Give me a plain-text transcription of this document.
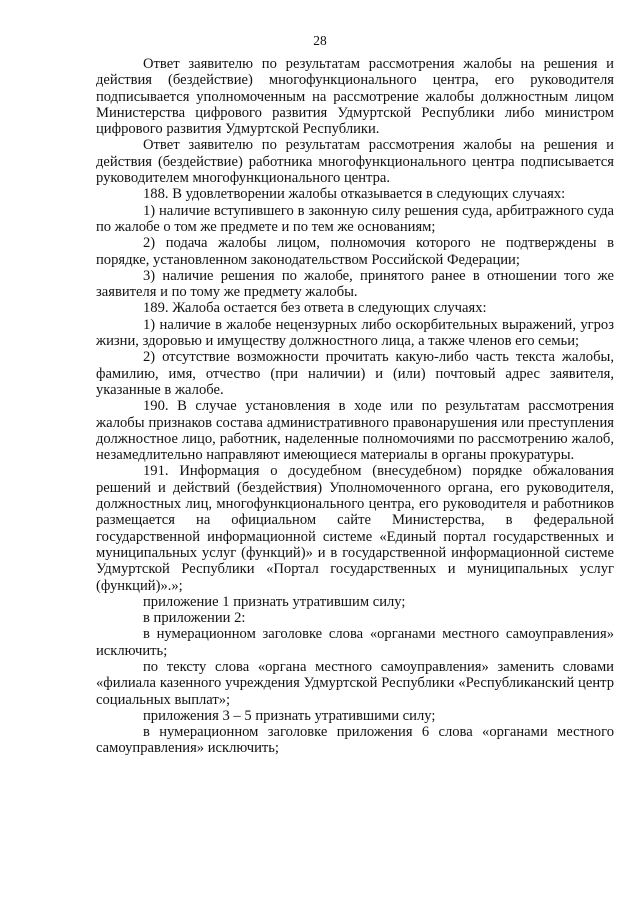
28

Ответ заявителю по результатам рассмотрения жалобы на решения и действия (бездействие) многофункционального центра, его руководителя подписывается уполномоченным на рассмотрение жалобы должностным лицом Министерства цифрового развития Удмуртской Республики либо министром цифрового развития Удмуртской Республики.

Ответ заявителю по результатам рассмотрения жалобы на решения и действия (бездействие) работника многофункционального центра подписывается руководителем многофункционального центра.

188. В удовлетворении жалобы отказывается в следующих случаях:

1) наличие вступившего в законную силу решения суда, арбитражного суда по жалобе о том же предмете и по тем же основаниям;

2) подача жалобы лицом, полномочия которого не подтверждены в порядке, установленном законодательством Российской Федерации;

3) наличие решения по жалобе, принятого ранее в отношении того же заявителя и по тому же предмету жалобы.

189. Жалоба остается без ответа в следующих случаях:

1) наличие в жалобе нецензурных либо оскорбительных выражений, угроз жизни, здоровью и имуществу должностного лица, а также членов его семьи;

2) отсутствие возможности прочитать какую-либо часть текста жалобы, фамилию, имя, отчество (при наличии) и (или) почтовый адрес заявителя, указанные в жалобе.

190. В случае установления в ходе или по результатам рассмотрения жалобы признаков состава административного правонарушения или преступления должностное лицо, работник, наделенные полномочиями по рассмотрению жалоб, незамедлительно направляют имеющиеся материалы в органы прокуратуры.

191. Информация о досудебном (внесудебном) порядке обжалования решений и действий (бездействия) Уполномоченного органа, его руководителя, должностных лиц, многофункционального центра, его руководителя и работников размещается на официальном сайте Министерства, в федеральной государственной информационной системе «Единый портал государственных и муниципальных услуг (функций)» и в государственной информационной системе Удмуртской Республики «Портал государственных и муниципальных услуг (функций)».»;

приложение 1 признать утратившим силу;

в приложении 2:

в нумерационном заголовке слова «органами местного самоуправления» исключить;

по тексту слова «органа местного самоуправления» заменить словами «филиала казенного учреждения Удмуртской Республики «Республиканский центр социальных выплат»;

приложения 3 – 5 признать утратившими силу;

в нумерационном заголовке приложения 6 слова «органами местного самоуправления» исключить;
